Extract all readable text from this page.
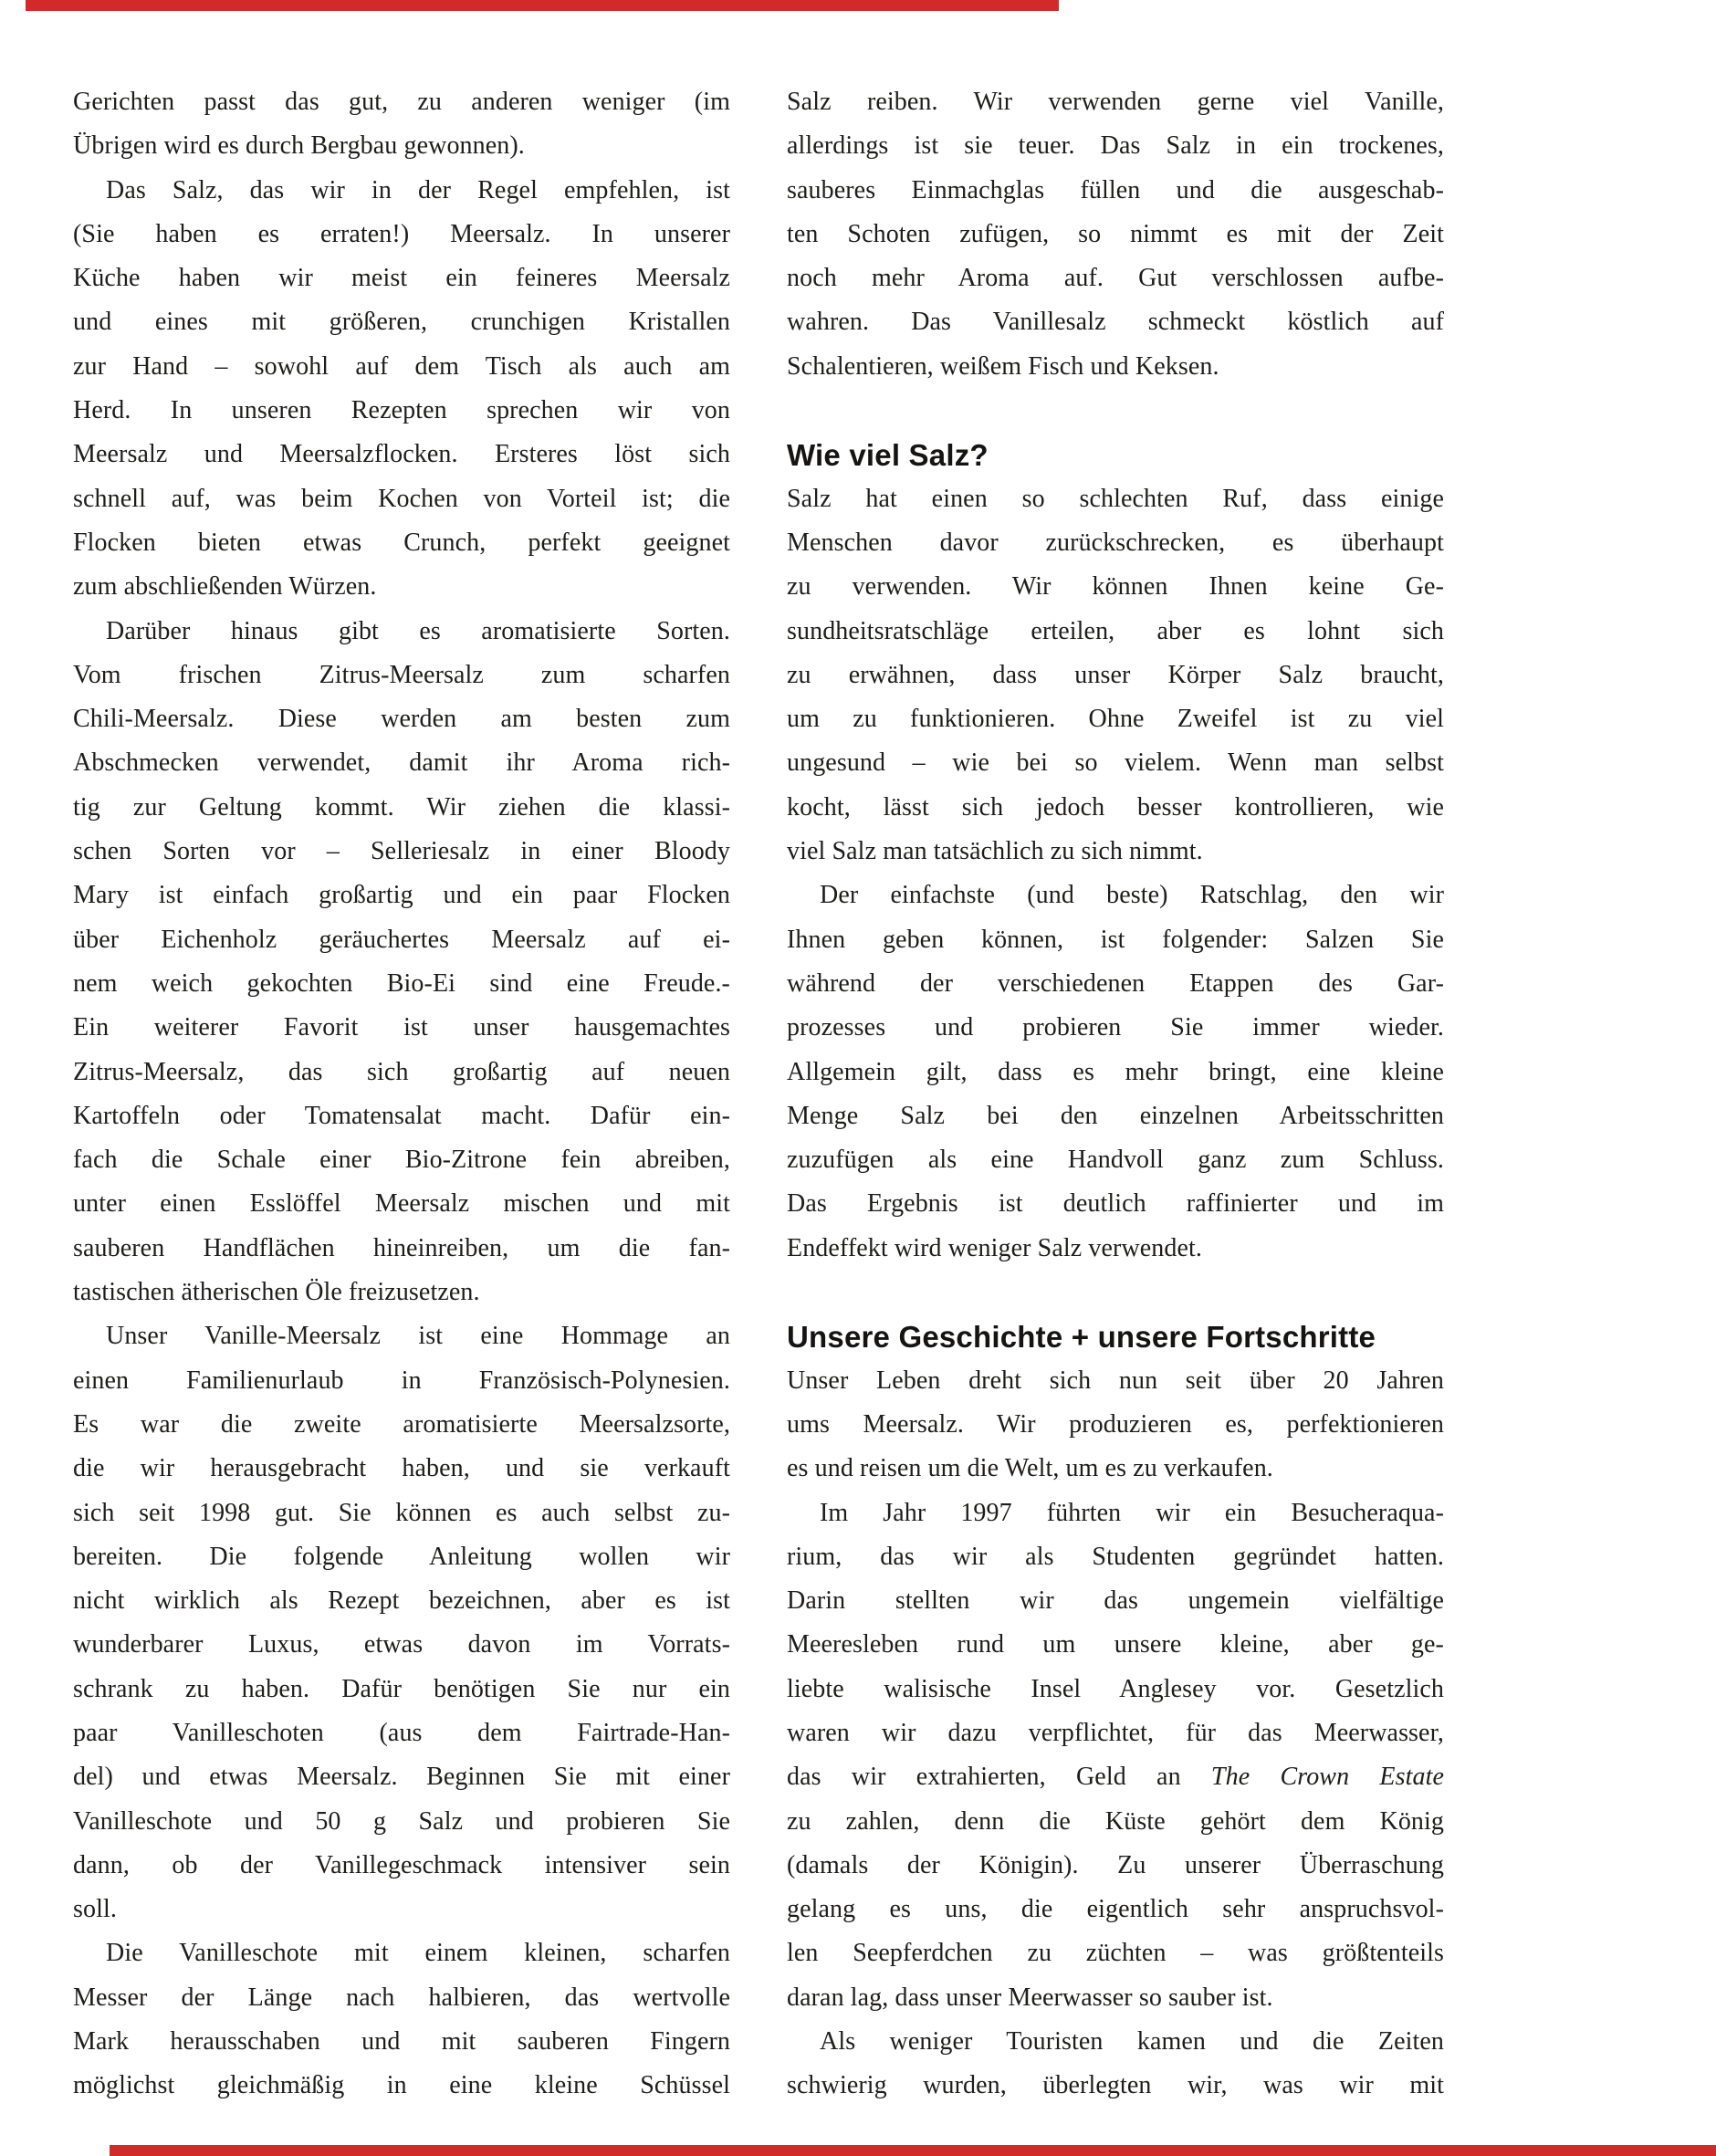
Gerichten passt das gut, zu anderen weniger (im
Übrigen wird es durch Bergbau gewonnen).
Das Salz, das wir in der Regel empfehlen, ist
(Sie haben es erraten!) Meersalz. In unserer
Küche haben wir meist ein feineres Meersalz
und eines mit größeren, crunchigen Kristallen
zur Hand – sowohl auf dem Tisch als auch am
Herd. In unseren Rezepten sprechen wir von
Meersalz und Meersalzflocken. Ersteres löst sich
schnell auf, was beim Kochen von Vorteil ist; die
Flocken bieten etwas Crunch, perfekt geeignet
zum abschließenden Würzen.
Darüber hinaus gibt es aromatisierte Sorten.
Vom frischen Zitrus-Meersalz zum scharfen
Chili-Meersalz. Diese werden am besten zum
Abschmecken verwendet, damit ihr Aroma rich-
tig zur Geltung kommt. Wir ziehen die klassi-
schen Sorten vor – Selleriesalz in einer Bloody
Mary ist einfach großartig und ein paar Flocken
über Eichenholz geräuchertes Meersalz auf ei-
nem weich gekochten Bio-Ei sind eine Freude.-
Ein weiterer Favorit ist unser hausgemachtes
Zitrus-Meersalz, das sich großartig auf neuen
Kartoffeln oder Tomatensalat macht. Dafür ein-
fach die Schale einer Bio-Zitrone fein abreiben,
unter einen Esslöffel Meersalz mischen und mit
sauberen Handflächen hineinreiben, um die fan-
tastischen ätherischen Öle freizusetzen.
Unser Vanille-Meersalz ist eine Hommage an
einen Familienurlaub in Französisch-Polynesien.
Es war die zweite aromatisierte Meersalzsorte,
die wir herausgebracht haben, und sie verkauft
sich seit 1998 gut. Sie können es auch selbst zu-
bereiten. Die folgende Anleitung wollen wir
nicht wirklich als Rezept bezeichnen, aber es ist
wunderbarer Luxus, etwas davon im Vorrats-
schrank zu haben. Dafür benötigen Sie nur ein
paar Vanilleschoten (aus dem Fairtrade-Han-
del) und etwas Meersalz. Beginnen Sie mit einer
Vanilleschote und 50 g Salz und probieren Sie
dann, ob der Vanillegeschmack intensiver sein
soll.
Die Vanilleschote mit einem kleinen, scharfen
Messer der Länge nach halbieren, das wertvolle
Mark herausschaben und mit sauberen Fingern
möglichst gleichmäßig in eine kleine Schüssel
Salz reiben. Wir verwenden gerne viel Vanille,
allerdings ist sie teuer. Das Salz in ein trockenes,
sauberes Einmachglas füllen und die ausgeschab-
ten Schoten zufügen, so nimmt es mit der Zeit
noch mehr Aroma auf. Gut verschlossen aufbe-
wahren. Das Vanillesalz schmeckt köstlich auf
Schalentieren, weißem Fisch und Keksen.
Wie viel Salz?
Salz hat einen so schlechten Ruf, dass einige
Menschen davor zurückschrecken, es überhaupt
zu verwenden. Wir können Ihnen keine Ge-
sundheitsratschläge erteilen, aber es lohnt sich
zu erwähnen, dass unser Körper Salz braucht,
um zu funktionieren. Ohne Zweifel ist zu viel
ungesund – wie bei so vielem. Wenn man selbst
kocht, lässt sich jedoch besser kontrollieren, wie
viel Salz man tatsächlich zu sich nimmt.
Der einfachste (und beste) Ratschlag, den wir
Ihnen geben können, ist folgender: Salzen Sie
während der verschiedenen Etappen des Gar-
prozesses und probieren Sie immer wieder.
Allgemein gilt, dass es mehr bringt, eine kleine
Menge Salz bei den einzelnen Arbeitsschritten
zuzufügen als eine Handvoll ganz zum Schluss.
Das Ergebnis ist deutlich raffinierter und im
Endeffekt wird weniger Salz verwendet.
Unsere Geschichte + unsere Fortschritte
Unser Leben dreht sich nun seit über 20 Jahren
ums Meersalz. Wir produzieren es, perfektionieren
es und reisen um die Welt, um es zu verkaufen.
Im Jahr 1997 führten wir ein Besucheraqua-
rium, das wir als Studenten gegründet hatten.
Darin stellten wir das ungemein vielfältige
Meeresleben rund um unsere kleine, aber ge-
liebte walisische Insel Anglesey vor. Gesetzlich
waren wir dazu verpflichtet, für das Meerwasser,
das wir extrahierten, Geld an The Crown Estate
zu zahlen, denn die Küste gehört dem König
(damals der Königin). Zu unserer Überraschung
gelang es uns, die eigentlich sehr anspruchsvol-
len Seepferdchen zu züchten – was größtenteils
daran lag, dass unser Meerwasser so sauber ist.
Als weniger Touristen kamen und die Zeiten
schwierig wurden, überlegten wir, was wir mit
